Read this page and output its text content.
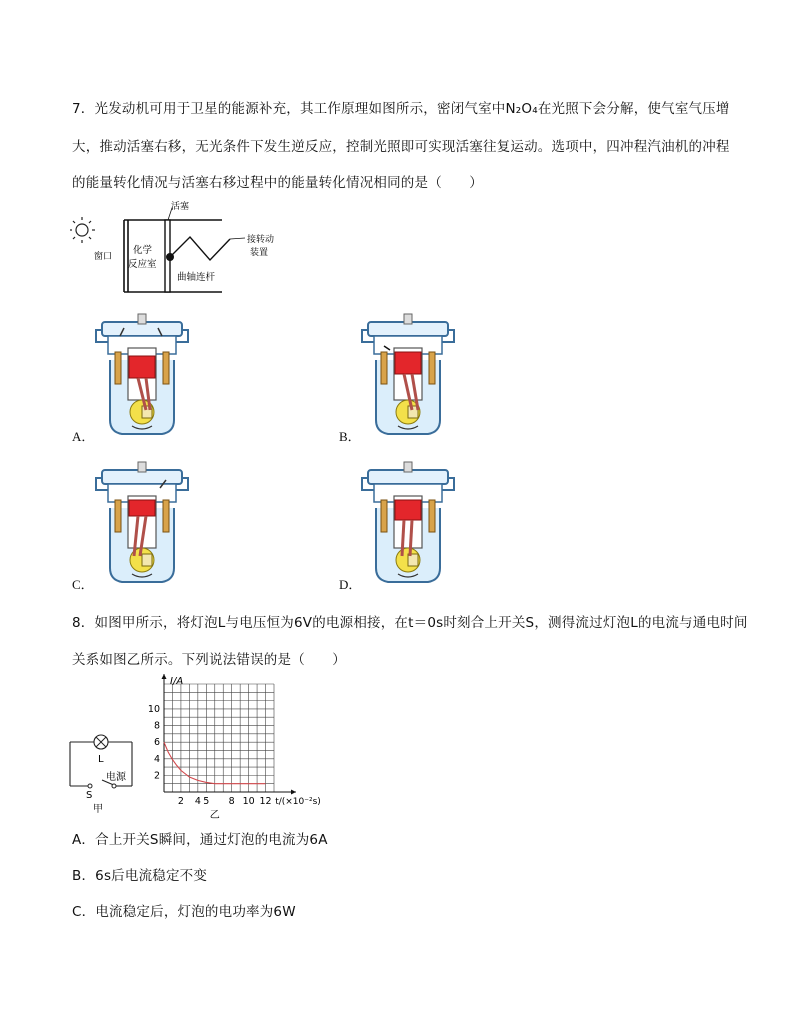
7．光发动机可用于卫星的能源补充，其工作原理如图所示，密闭气室中N₂O₄在光照下会分解，使气室气压增
大，推动活塞右移，无光条件下发生逆反应，控制光照即可实现活塞往复运动。选项中，四冲程汽油机的冲程
的能量转化情况与活塞右移过程中的能量转化情况相同的是（　　）
活塞
化学
反应室
窗口
曲轴连杆
接转动
装置
A．	B．
C．	D．
8．如图甲所示，将灯泡L与电压恒为6V的电源相接，在t＝0s时刻合上开关S，测得流过灯泡L的电流与通电时间
关系如图乙所示。下列说法错误的是（　　）
L
电源
S
甲
2
4
6
8
10
2 4 5 8 10 12
I/A
t/(×10⁻²s)
乙
A．合上开关S瞬间，通过灯泡的电流为6A
B．6s后电流稳定不变
C．电流稳定后，灯泡的电功率为6W
